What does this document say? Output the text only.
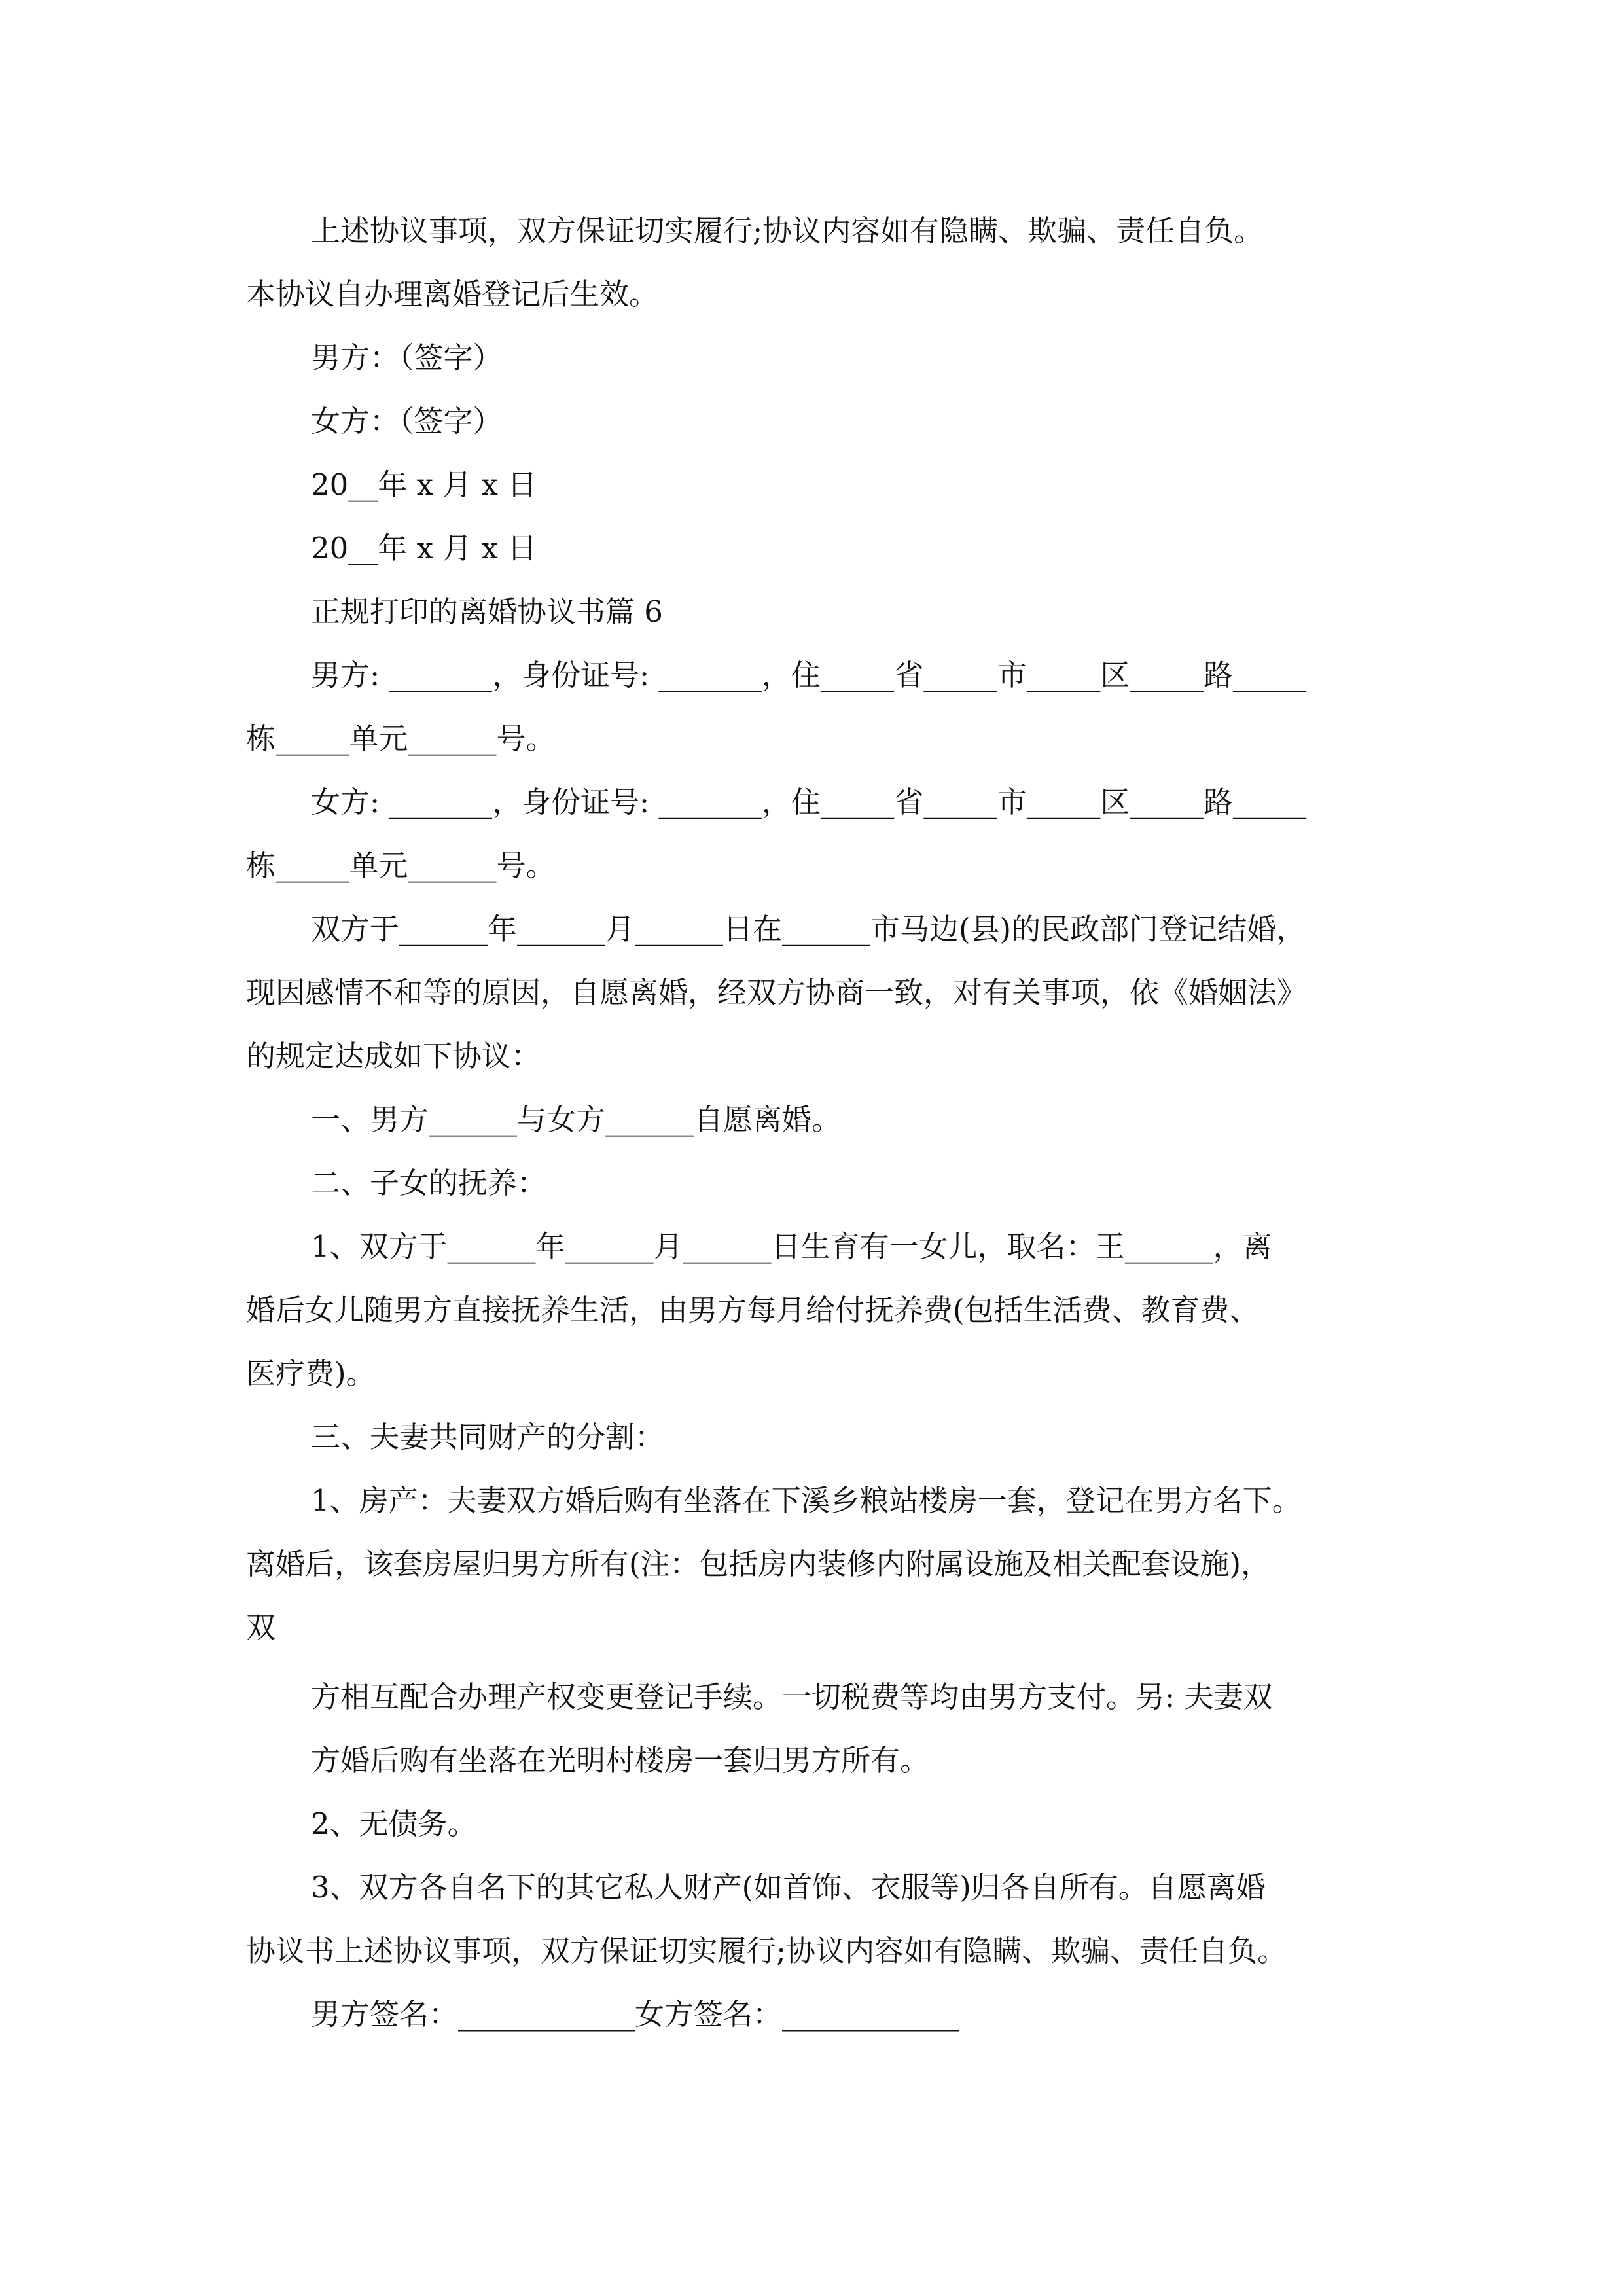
上述协议事项，双方保证切实履行;协议内容如有隐瞒、欺骗、责任自负。
本协议自办理离婚登记后生效。
男方：（签字）
女方：（签字）
20__年 x 月 x 日
20__年 x 月 x 日
正规打印的离婚协议书篇 6
男方: _______，身份证号: _______，住_____省_____市_____区_____路_____
栋_____单元______号。
女方: _______，身份证号: _______，住_____省_____市_____区_____路_____
栋_____单元______号。
双方于______年______月______日在______市马边(县)的民政部门登记结婚，
现因感情不和等的原因，自愿离婚，经双方协商一致，对有关事项，依《婚姻法》
的规定达成如下协议：
一、男方______与女方______自愿离婚。
二、子女的抚养：
1、双方于______年______月______日生育有一女儿，取名：王______，离
婚后女儿随男方直接抚养生活，由男方每月给付抚养费(包括生活费、教育费、
医疗费)。
三、夫妻共同财产的分割：
1、房产：夫妻双方婚后购有坐落在下溪乡粮站楼房一套，登记在男方名下。
离婚后，该套房屋归男方所有(注：包括房内装修内附属设施及相关配套设施)，
双
方相互配合办理产权变更登记手续。一切税费等均由男方支付。另: 夫妻双
方婚后购有坐落在光明村楼房一套归男方所有。
2、无债务。
3、双方各自名下的其它私人财产(如首饰、衣服等)归各自所有。自愿离婚
协议书上述协议事项，双方保证切实履行;协议内容如有隐瞒、欺骗、责任自负。
男方签名：____________女方签名：____________
